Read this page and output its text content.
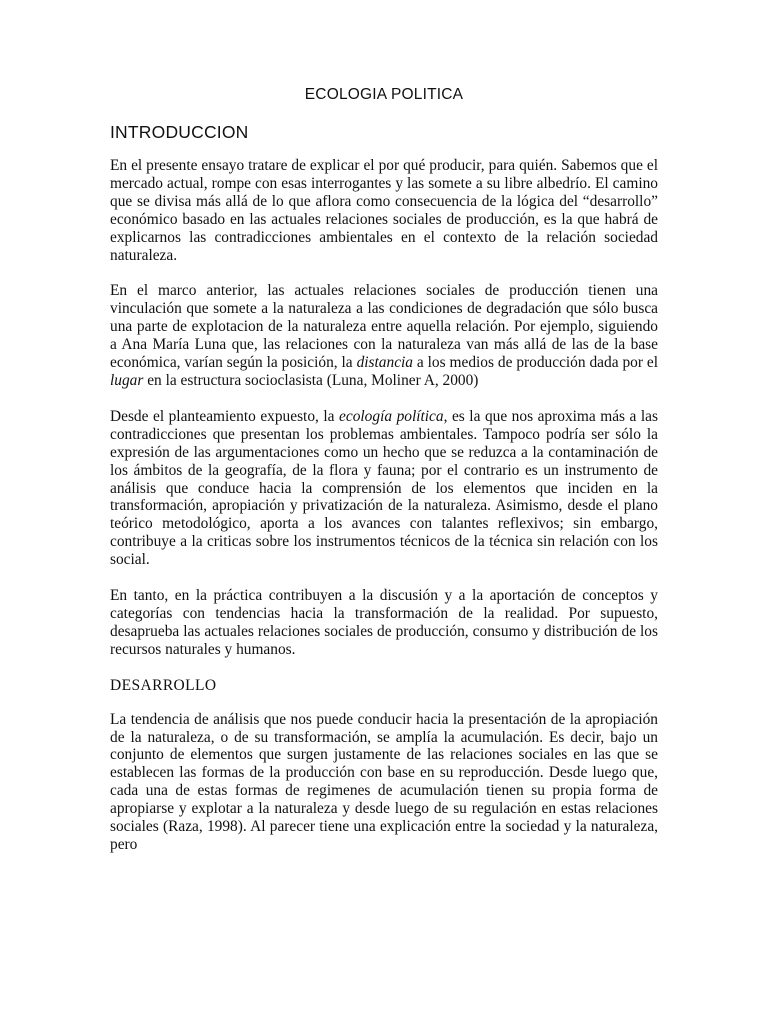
ECOLOGIA POLITICA
INTRODUCCION

En el presente ensayo tratare de explicar el por qué producir, para quién. Sabemos que el mercado actual, rompe con esas interrogantes y las somete a su libre albedrío. El camino que se divisa más allá de lo que aflora como consecuencia de la lógica del “desarrollo” económico basado en las actuales relaciones sociales de producción, es la que habrá de explicarnos las contradicciones ambientales en el contexto de la relación sociedad naturaleza.

En el marco anterior, las actuales relaciones sociales de producción tienen una vinculación que somete a la naturaleza a las condiciones de degradación que sólo busca una parte de explotacion de la naturaleza entre aquella relación. Por ejemplo, siguiendo a Ana María Luna que, las relaciones con la naturaleza van más allá de las de la base económica, varían según la posición, la distancia a los medios de producción dada por el lugar en la estructura socioclasista (Luna, Moliner A, 2000)

Desde el planteamiento expuesto, la ecología política, es la que nos aproxima más a las contradicciones que presentan los problemas ambientales. Tampoco podría ser sólo la expresión de las argumentaciones como un hecho que se reduzca a la contaminación de los ámbitos de la geografía, de la flora y fauna; por el contrario es un instrumento de análisis que conduce hacia la comprensión de los elementos que inciden en la transformación, apropiación y privatización de la naturaleza. Asimismo, desde el plano teórico metodológico, aporta a los avances con talantes reflexivos; sin embargo, contribuye a la criticas sobre los instrumentos técnicos de la técnica sin relación con los social.

En tanto, en la práctica contribuyen a la discusión y a la aportación de conceptos y categorías con tendencias hacia la transformación de la realidad. Por supuesto, desaprueba las actuales relaciones sociales de producción, consumo y distribución de los recursos naturales y humanos.

DESARROLLO

La tendencia de análisis que nos puede conducir hacia la presentación de la apropiación de la naturaleza, o de su transformación, se amplía la acumulación. Es decir, bajo un conjunto de elementos que surgen justamente de las relaciones sociales en las que se establecen las formas de la producción con base en su reproducción. Desde luego que, cada una de estas formas de regimenes de acumulación tienen su propia forma de apropiarse y explotar a la naturaleza y desde luego de su regulación en estas relaciones sociales (Raza, 1998). Al parecer tiene una explicación entre la sociedad y la naturaleza, pero
